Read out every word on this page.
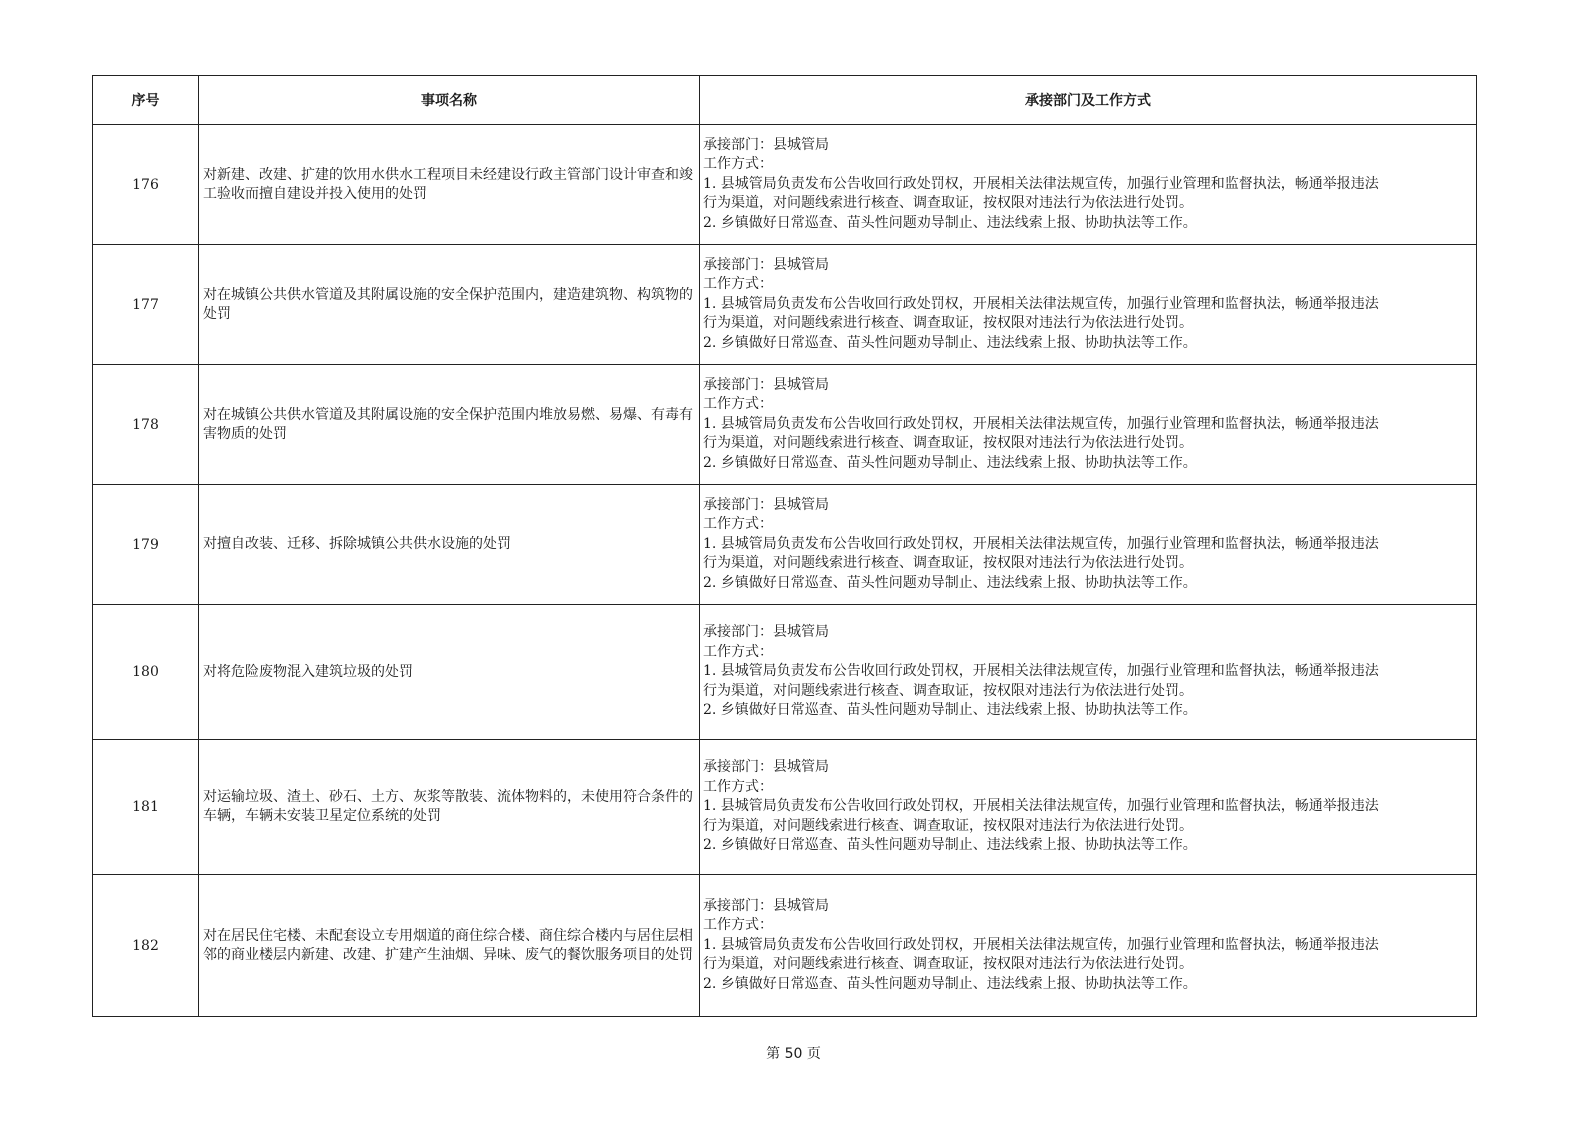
序号	事项名称	承接部门及工作方式
176	对新建、改建、扩建的饮用水供水工程项目未经建设行政主管部门设计审查和竣工验收而擅自建设并投入使用的处罚	承接部门：县城管局
工作方式：
1. 县城管局负责发布公告收回行政处罚权，开展相关法律法规宣传，加强行业管理和监督执法，畅通举报违法
行为渠道，对问题线索进行核查、调查取证，按权限对违法行为依法进行处罚。
2. 乡镇做好日常巡查、苗头性问题劝导制止、违法线索上报、协助执法等工作。

177	对在城镇公共供水管道及其附属设施的安全保护范围内，建造建筑物、构筑物的处罚	承接部门：县城管局
工作方式：
1. 县城管局负责发布公告收回行政处罚权，开展相关法律法规宣传，加强行业管理和监督执法，畅通举报违法
行为渠道，对问题线索进行核查、调查取证，按权限对违法行为依法进行处罚。
2. 乡镇做好日常巡查、苗头性问题劝导制止、违法线索上报、协助执法等工作。

178	对在城镇公共供水管道及其附属设施的安全保护范围内堆放易燃、易爆、有毒有害物质的处罚	承接部门：县城管局
工作方式：
1. 县城管局负责发布公告收回行政处罚权，开展相关法律法规宣传，加强行业管理和监督执法，畅通举报违法
行为渠道，对问题线索进行核查、调查取证，按权限对违法行为依法进行处罚。
2. 乡镇做好日常巡查、苗头性问题劝导制止、违法线索上报、协助执法等工作。

179	对擅自改装、迁移、拆除城镇公共供水设施的处罚	承接部门：县城管局
工作方式：
1. 县城管局负责发布公告收回行政处罚权，开展相关法律法规宣传，加强行业管理和监督执法，畅通举报违法
行为渠道，对问题线索进行核查、调查取证，按权限对违法行为依法进行处罚。
2. 乡镇做好日常巡查、苗头性问题劝导制止、违法线索上报、协助执法等工作。

180	对将危险废物混入建筑垃圾的处罚	承接部门：县城管局
工作方式：
1. 县城管局负责发布公告收回行政处罚权，开展相关法律法规宣传，加强行业管理和监督执法，畅通举报违法
行为渠道，对问题线索进行核查、调查取证，按权限对违法行为依法进行处罚。
2. 乡镇做好日常巡查、苗头性问题劝导制止、违法线索上报、协助执法等工作。

181	对运输垃圾、渣土、砂石、土方、灰浆等散装、流体物料的，未使用符合条件的车辆，车辆未安装卫星定位系统的处罚	承接部门：县城管局
工作方式：
1. 县城管局负责发布公告收回行政处罚权，开展相关法律法规宣传，加强行业管理和监督执法，畅通举报违法
行为渠道，对问题线索进行核查、调查取证，按权限对违法行为依法进行处罚。
2. 乡镇做好日常巡查、苗头性问题劝导制止、违法线索上报、协助执法等工作。

182	对在居民住宅楼、未配套设立专用烟道的商住综合楼、商住综合楼内与居住层相邻的商业楼层内新建、改建、扩建产生油烟、异味、废气的餐饮服务项目的处罚	承接部门：县城管局
工作方式：
1. 县城管局负责发布公告收回行政处罚权，开展相关法律法规宣传，加强行业管理和监督执法，畅通举报违法
行为渠道，对问题线索进行核查、调查取证，按权限对违法行为依法进行处罚。
2. 乡镇做好日常巡查、苗头性问题劝导制止、违法线索上报、协助执法等工作。
第 50 页
